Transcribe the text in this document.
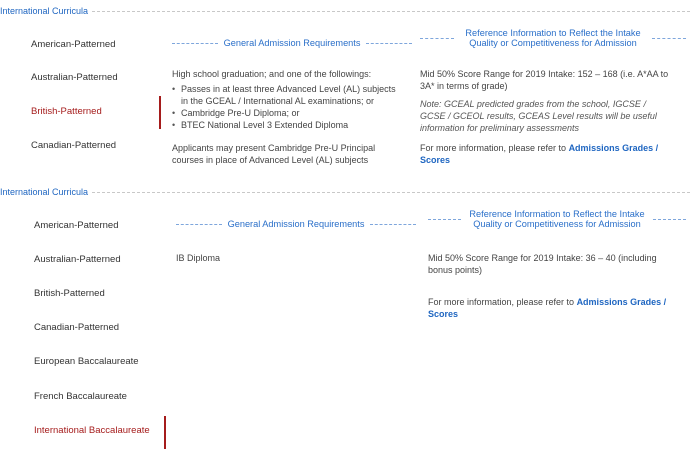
International Curricula
American-Patterned
Australian-Patterned
British-Patterned
Canadian-Patterned
General Admission Requirements
Reference Information to Reflect the Intake Quality or Competitiveness for Admission

High school graduation; and one of the followings:

• Passes in at least three Advanced Level (AL) subjects in the GCEAL / International AL examinations; or
• Cambridge Pre-U Diploma; or
• BTEC National Level 3 Extended Diploma

Applicants may present Cambridge Pre-U Principal courses in place of Advanced Level (AL) subjects

Mid 50% Score Range for 2019 Intake: 152 – 168 (i.e. A*AA to 3A* in terms of grade)

Note: GCEAL predicted grades from the school, IGCSE / GCSE / GCEOL results, GCEAS Level results will be useful information for preliminary assessments

For more information, please refer to Admissions Grades / Scores

International Curricula
American-Patterned
Australian-Patterned
British-Patterned
Canadian-Patterned
European Baccalaureate
French Baccalaureate
International Baccalaureate
General Admission Requirements
Reference Information to Reflect the Intake Quality or Competitiveness for Admission

IB Diploma	Mid 50% Score Range for 2019 Intake: 36 – 40 (including bonus points)

For more information, please refer to Admissions Grades / Scores
